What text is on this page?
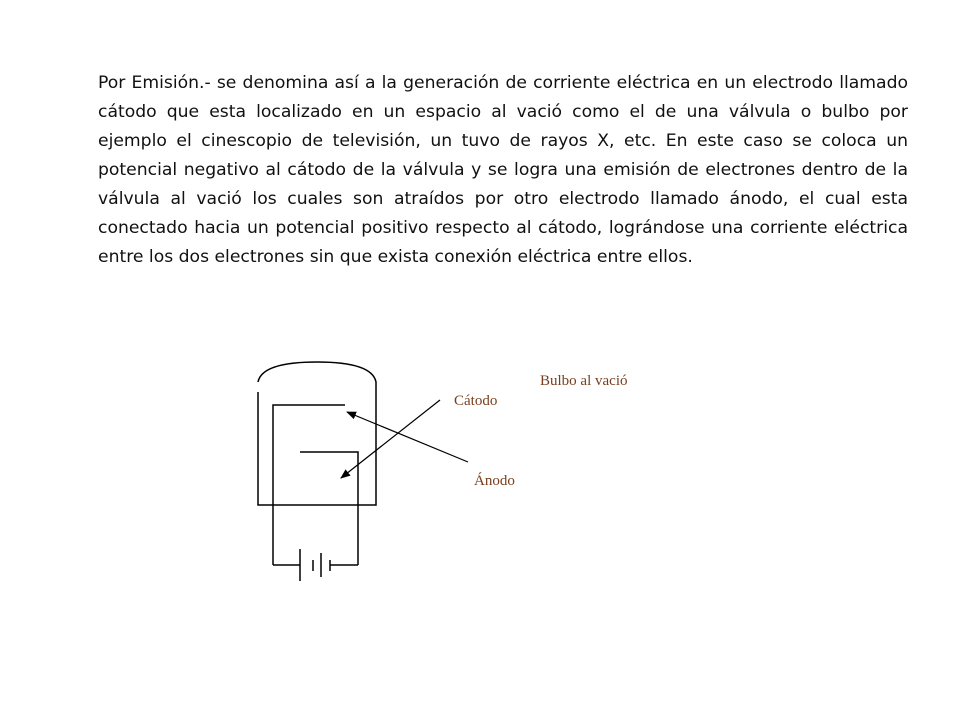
Por Emisión.- se denomina así a la generación de corriente eléctrica en un electrodo llamado cátodo que esta localizado en un espacio al vació como el de una válvula o bulbo por ejemplo el cinescopio de televisión, un tuvo de rayos X, etc. En este caso se coloca un potencial negativo al cátodo de la válvula y se logra una emisión de electrones dentro de la válvula al vació los cuales son atraídos por otro electrodo llamado ánodo, el cual esta conectado hacia un potencial positivo respecto al cátodo, lográndose una corriente eléctrica entre los dos electrones sin que exista conexión eléctrica entre ellos.

Cátodo
Ánodo
Bulbo al vació
